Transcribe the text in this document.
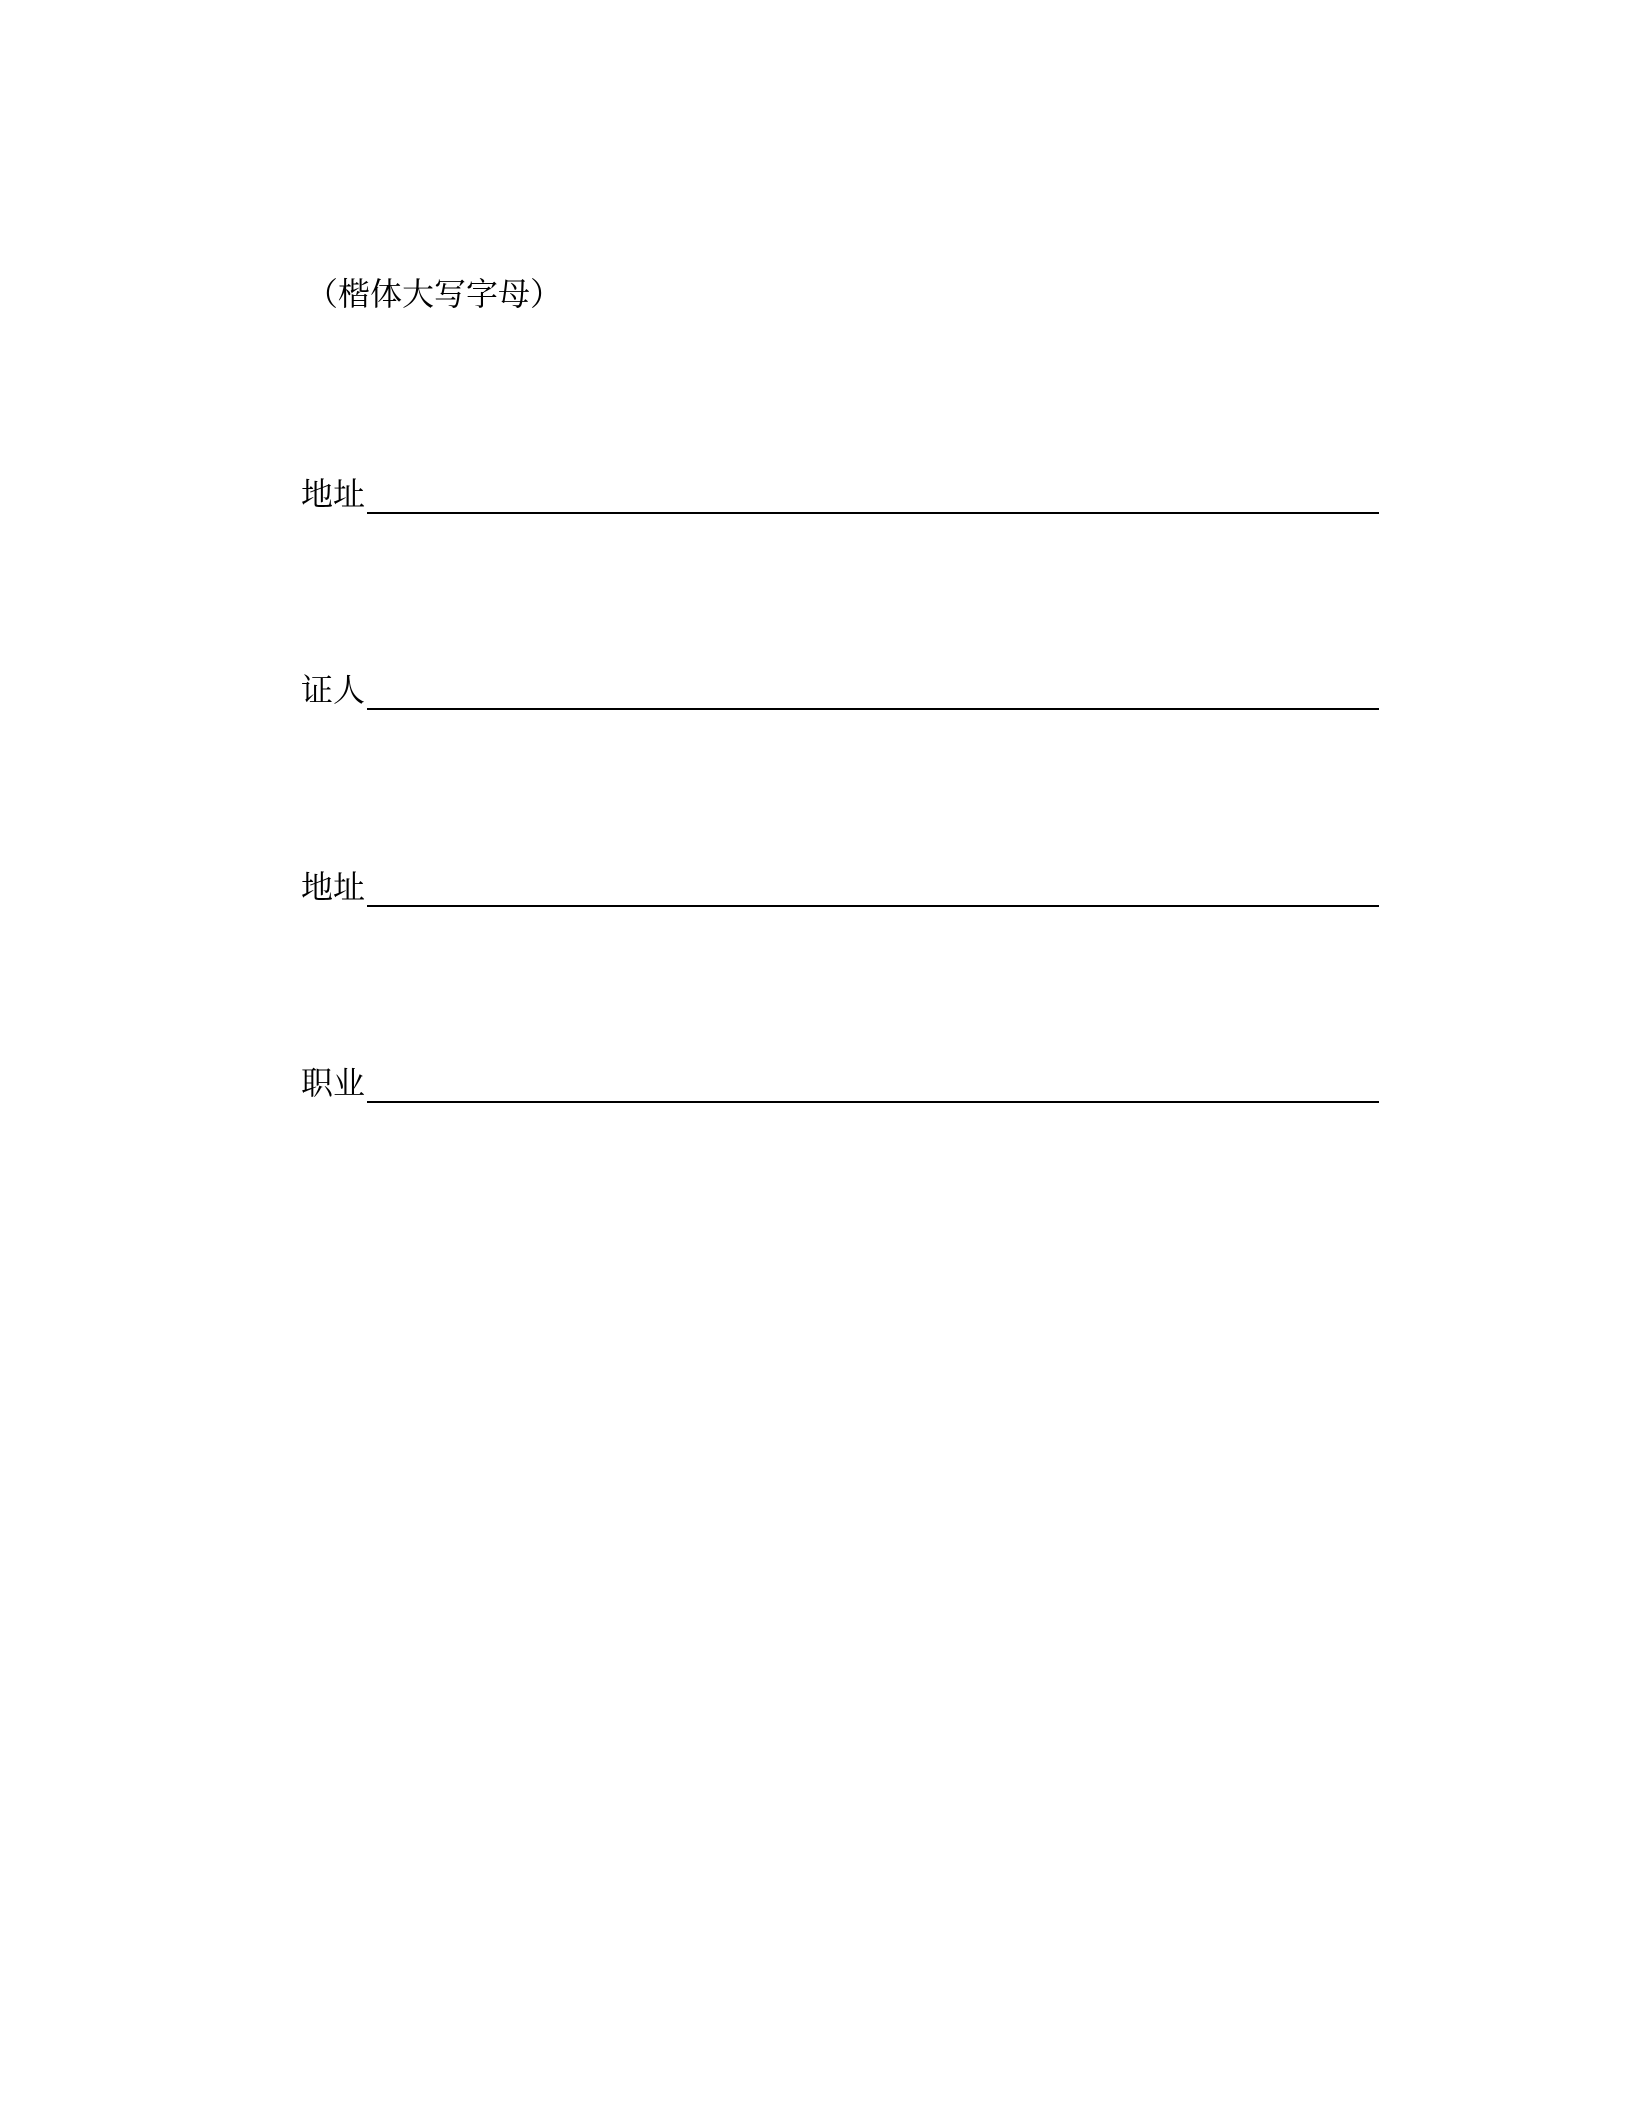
（楷体大写字母）
地址
证人
地址
职业
